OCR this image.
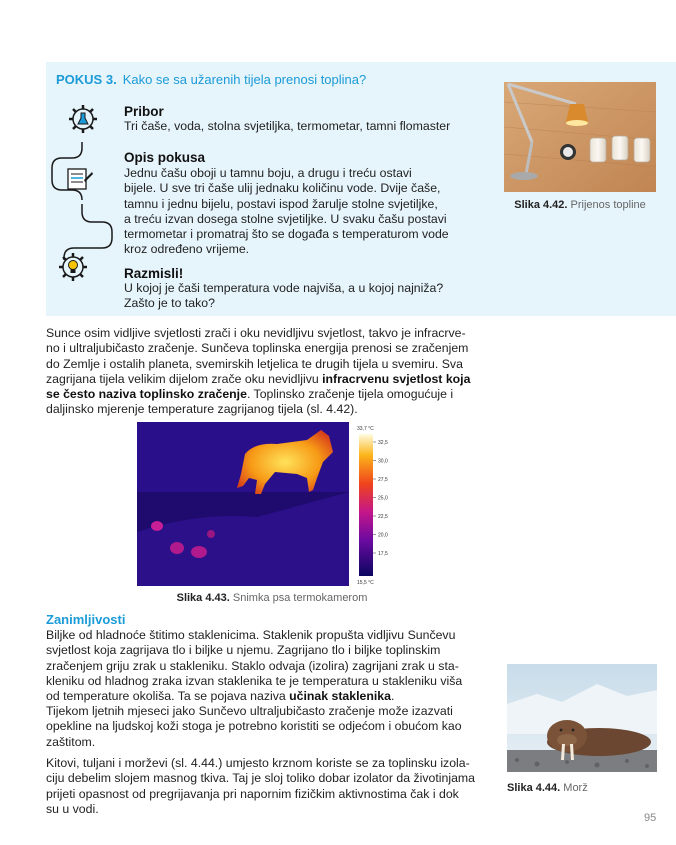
POKUS 3. Kako se sa užarenih tijela prenosi toplina?
Pribor
Tri čaše, voda, stolna svjetiljka, termometar, tamni flomaster
Opis pokusa
Jednu čašu oboji u tamnu boju, a drugu i treću ostavi
bijele. U sve tri čaše ulij jednaku količinu vode. Dvije čaše,
tamnu i jednu bijelu, postavi ispod žarulje stolne svjetiljke,
a treću izvan dosega stolne svjetiljke. U svaku čašu postavi
termometar i promatraj što se događa s temperaturom vode
kroz određeno vrijeme.
Razmisli!
U kojoj je čaši temperatura vode najviša, a u kojoj najniža?
Zašto je to tako?
Slika 4.42. Prijenos topline
Sunce osim vidljive svjetlosti zrači i oku nevidljivu svjetlost, takvo je infracrve-
no i ultraljubičasto zračenje. Sunčeva toplinska energija prenosi se zračenjem
do Zemlje i ostalih planeta, svemirskih letjelica te drugih tijela u svemiru. Sva
zagrijana tijela velikim dijelom zrače oku nevidljivu infracrvenu svjetlost koja
se često naziva toplinsko zračenje. Toplinsko zračenje tijela omogućuje i
daljinsko mjerenje temperature zagrijanog tijela (sl. 4.42).
33,7 °C
32,5
30,0
27,5
25,0
22,5
20,0
17,5
15,5 °C
Slika 4.43. Snimka psa termokamerom
Zanimljivosti
Biljke od hladnoće štitimo staklenicima. Staklenik propušta vidljivu Sunčevu
svjetlost koja zagrijava tlo i biljke u njemu. Zagrijano tlo i biljke toplinskim
zračenjem griju zrak u stakleniku. Staklo odvaja (izolira) zagrijani zrak u sta-
kleniku od hladnog zraka izvan staklenika te je temperatura u stakleniku viša
od temperature okoliša. Ta se pojava naziva učinak staklenika.
Tijekom ljetnih mjeseci jako Sunčevo ultraljubičasto zračenje može izazvati
opekline na ljudskoj koži stoga je potrebno koristiti se odjećom i obućom kao
zaštitom.
Kitovi, tuljani i morževi (sl. 4.44.) umjesto krznom koriste se za toplinsku izola-
ciju debelim slojem masnog tkiva. Taj je sloj toliko dobar izolator da životinjama
prijeti opasnost od pregrijavanja pri napornim fizičkim aktivnostima čak i dok
su u vodi.
Slika 4.44. Morž
95
